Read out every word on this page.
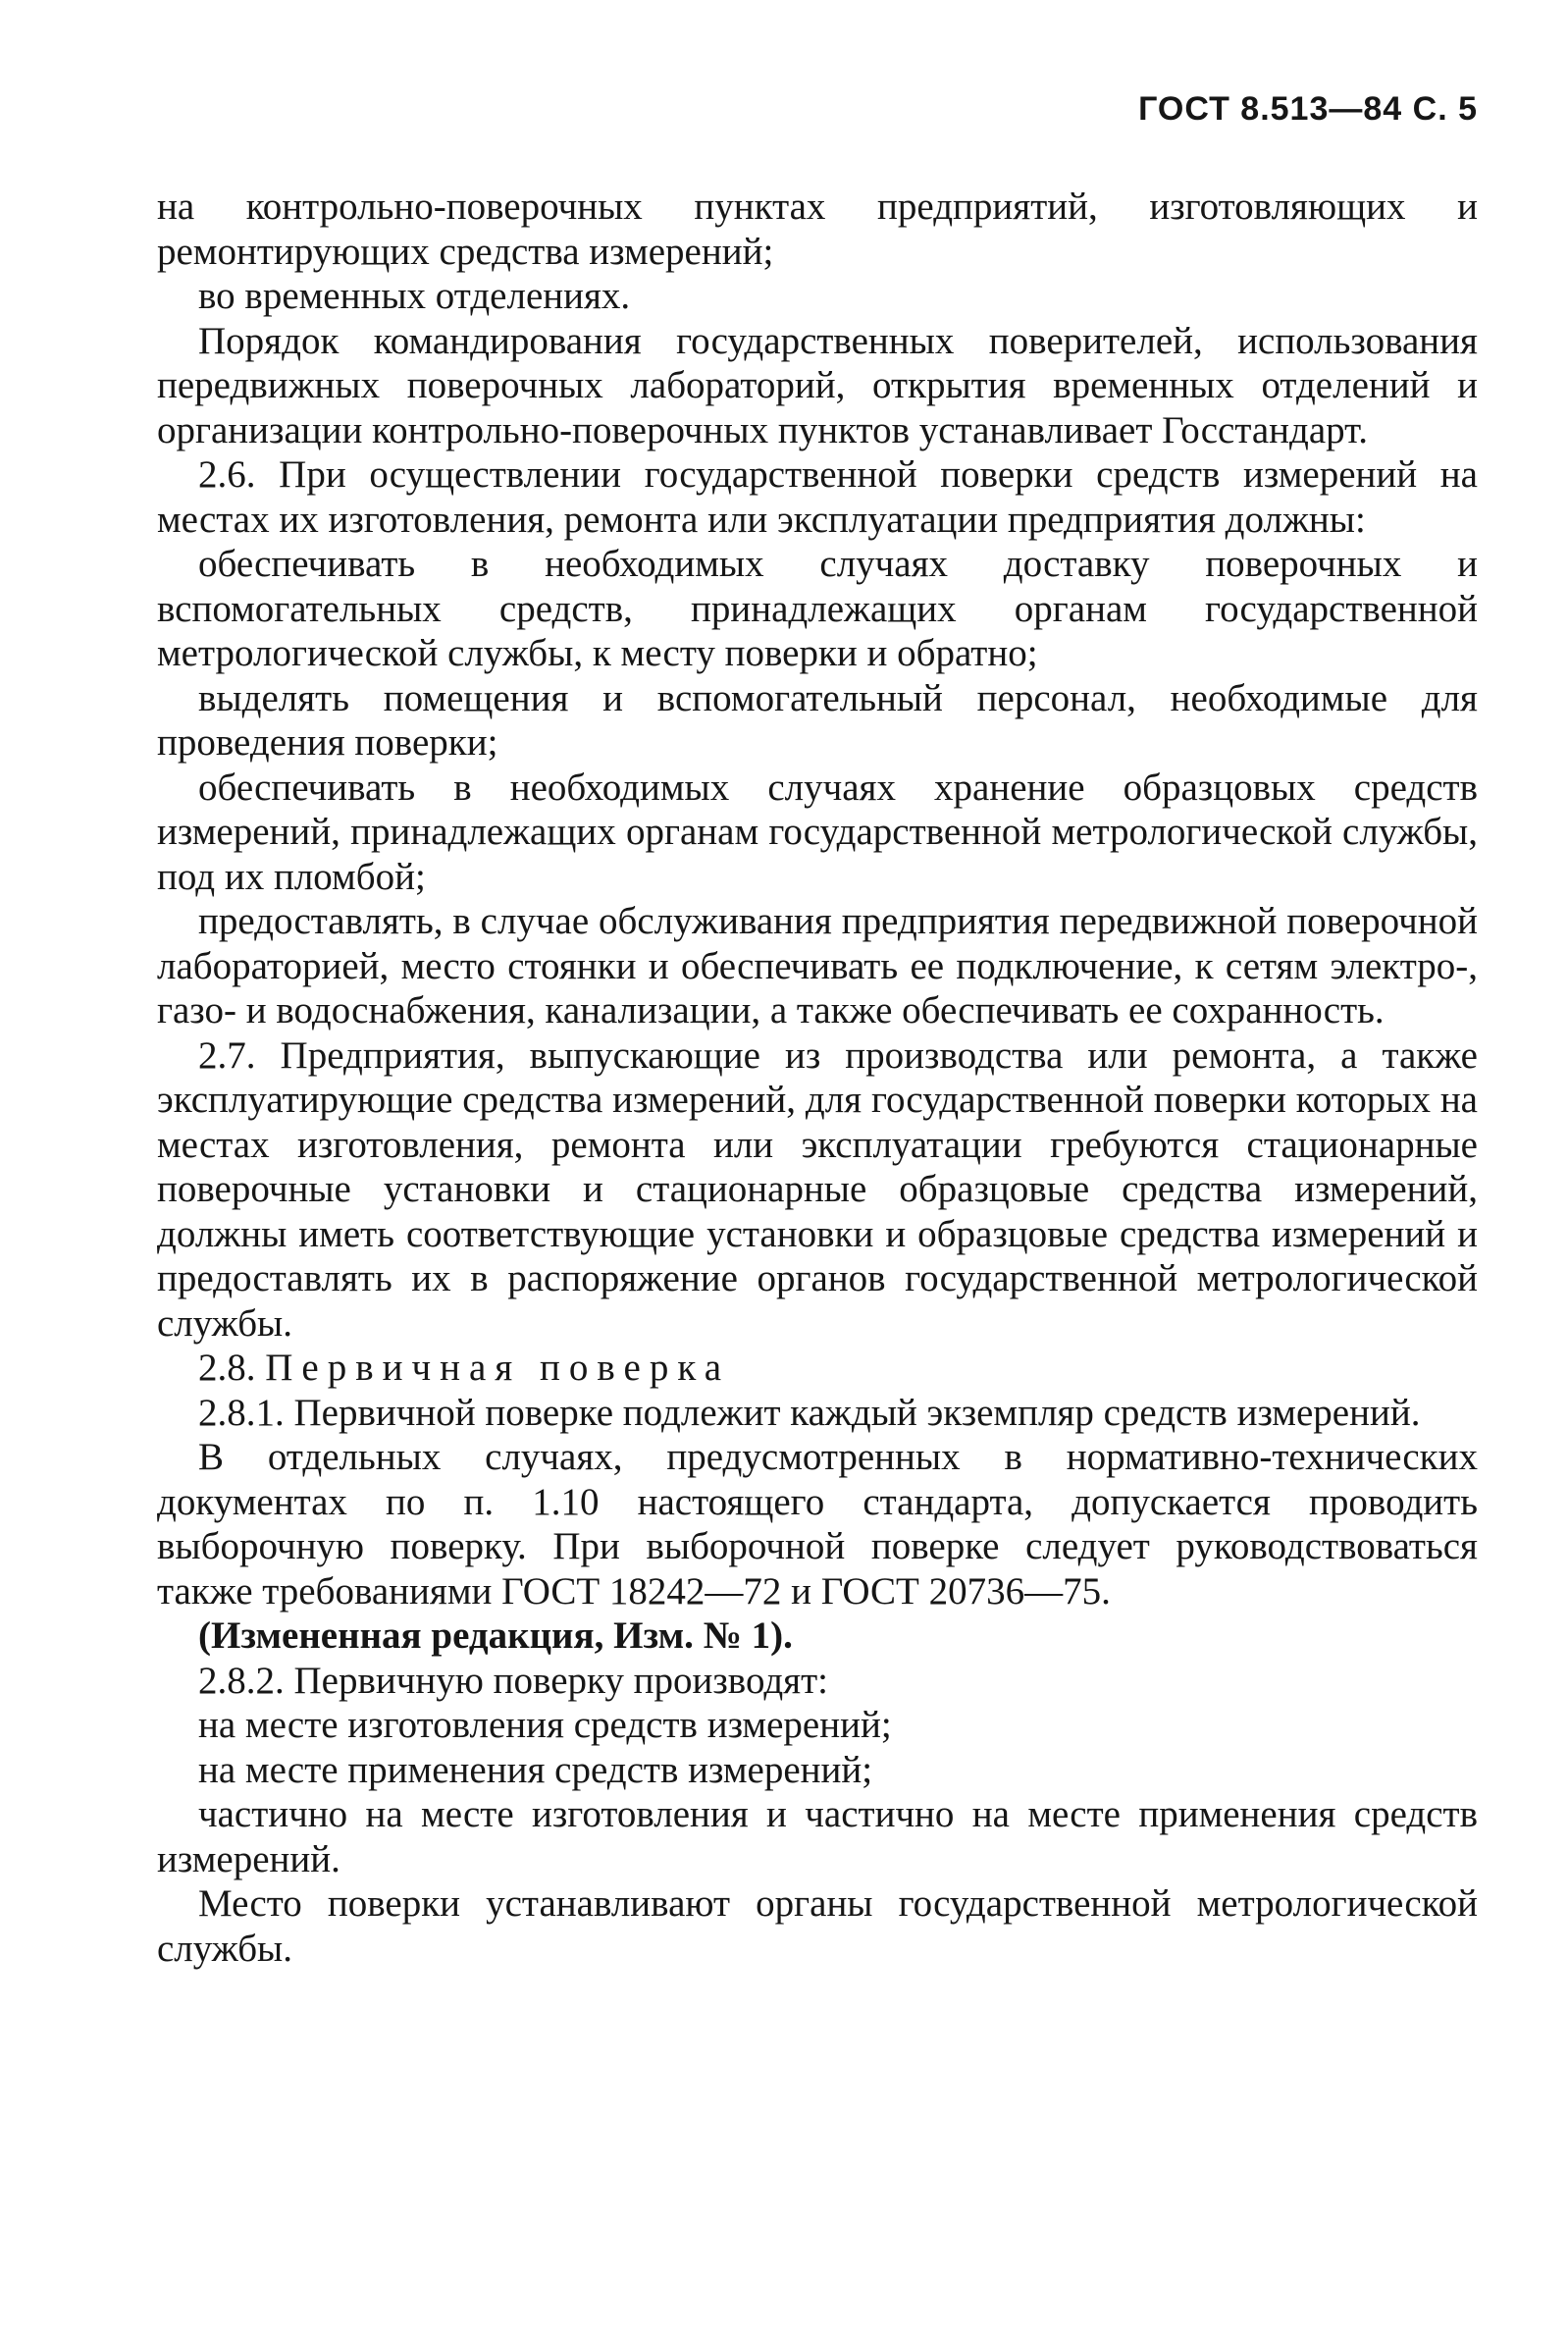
ГОСТ 8.513—84 С. 5

на контрольно-поверочных пунктах предприятий, изготовляющих и ремонтирующих средства измерений;

во временных отделениях.

Порядок командирования государственных поверителей, использования передвижных поверочных лабораторий, открытия временных отделений и организации контрольно-поверочных пунктов устанавливает Госстандарт.

2.6. При осуществлении государственной поверки средств измерений на местах их изготовления, ремонта или эксплуатации предприятия должны:

обеспечивать в необходимых случаях доставку поверочных и вспомогательных средств, принадлежащих органам государственной метрологической службы, к месту поверки и обратно;

выделять помещения и вспомогательный персонал, необходимые для проведения поверки;

обеспечивать в необходимых случаях хранение образцовых средств измерений, принадлежащих органам государственной метрологической службы, под их пломбой;

предоставлять, в случае обслуживания предприятия передвижной поверочной лабораторией, место стоянки и обеспечивать ее подключение, к сетям электро-, газо- и водоснабжения, канализации, а также обеспечивать ее сохранность.

2.7. Предприятия, выпускающие из производства или ремонта, а также эксплуатирующие средства измерений, для государственной поверки которых на местах изготовления, ремонта или эксплуатации гребуются стационарные поверочные установки и стационарные образцовые средства измерений, должны иметь соответствующие установки и образцовые средства измерений и предоставлять их в распоряжение органов государственной метрологической службы.

2.8. Первичная поверка

2.8.1. Первичной поверке подлежит каждый экземпляр средств измерений.

В отдельных случаях, предусмотренных в нормативно-технических документах по п. 1.10 настоящего стандарта, допускается проводить выборочную поверку. При выборочной поверке следует руководствоваться также требованиями ГОСТ 18242—72 и ГОСТ 20736—75.

(Измененная редакция, Изм. № 1).

2.8.2. Первичную поверку производят:

на месте изготовления средств измерений;

на месте применения средств измерений;

частично на месте изготовления и частично на месте применения средств измерений.

Место поверки устанавливают органы государственной метрологической службы.
